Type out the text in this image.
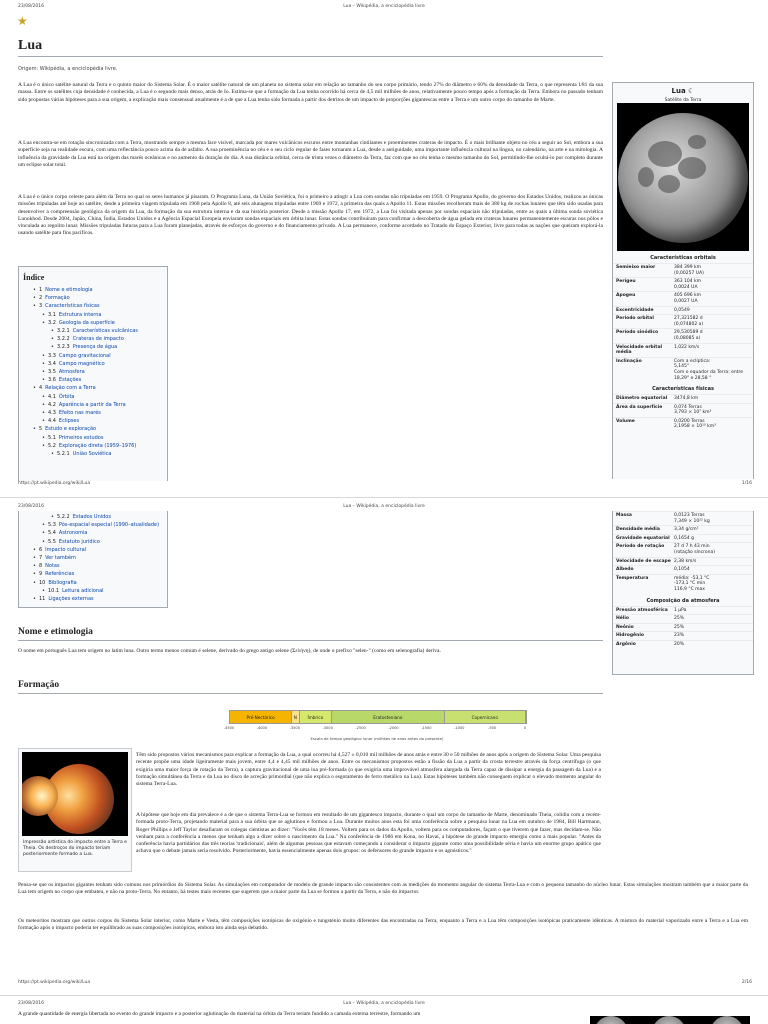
23/08/2016	Lua – Wikipédia, a enciclopédia livre
★
Lua
Origem: Wikipédia, a enciclopédia livre.
A Lua é o único satélite natural da Terra e o quinto maior do Sistema Solar. É o maior satélite natural de um planeta no sistema solar em relação ao tamanho do seu corpo primário, tendo 27% do diâmetro e 60% da densidade da Terra, o que representa 1⁄81 da sua massa. Entre os satélites cuja densidade é conhecida, a Lua é o segundo mais denso, atrás de Io. Estima-se que a formação da Lua tenha ocorrido há cerca de 4,5 mil milhões de anos, relativamente pouco tempo após a formação da Terra. Embora no passado tenham sido propostas várias hipóteses para a sua origem, a explicação mais consensual atualmente é a de que a Lua tenha sido formada a partir dos detritos de um impacto de proporções gigantescas entre a Terra e um outro corpo do tamanho de Marte.
A Lua encontra-se em rotação sincronizada com a Terra, mostrando sempre a mesma face visível, marcada por mares vulcânicos escuros entre montanhas cintilantes e proeminentes crateras de impacto. É o mais brilhante objeto no céu a seguir ao Sol, embora a sua superfície seja na realidade escura, com uma reflectância pouco acima da de asfalto. A sua proeminência no céu e o seu ciclo regular de fases tornaram a Lua, desde a antiguidade, uma importante influência cultural na língua, no calendário, na arte e na mitologia. A influência da gravidade da Lua está na origem das marés oceânicas e no aumento da duração do dia. A sua distância orbital, cerca de trinta vezes o diâmetro da Terra, faz com que no céu tenha o mesmo tamanho do Sol, permitindo-lhe ocultá-lo por completo durante um eclipse solar total.
A Lua é o único corpo celeste para além da Terra no qual os seres humanos já pisaram. O Programa Luna, da União Soviética, foi o primeiro a atingir a Lua com sondas não tripuladas em 1959. O Programa Apollo, do governo dos Estados Unidos, realizou as únicas missões tripuladas até hoje ao satélite, desde a primeira viagem tripulada em 1968 pela Apollo 8, até seis alunagens tripuladas entre 1969 e 1972, a primeira das quais a Apollo 11. Estas missões recolheram mais de 380 kg de rochas lunares que têm sido usadas para desenvolver a compreensão geológica da origem da Lua, da formação da sua estrutura interna e da sua história posterior. Desde a missão Apollo 17, em 1972, a Lua foi visitada apenas por sondas espaciais não tripuladas, entre as quais a última sonda soviética Lunokhod. Desde 2004, Japão, China, Índia, Estados Unidos e a Agência Espacial Europeia enviaram sondas espaciais em órbita lunar. Estas sondas contribuíram para confirmar a descoberta de água gelada em crateras lunares permanentemente escuras nos pólos e vinculada ao regolito lunar. Missões tripuladas futuras para a Lua foram planejadas, através de esforços do governo e do financiamento privado. A Lua permanece, conforme acordado no Tratado do Espaço Exterior, livre para todas as nações que queiram explorá-la usando satélite para fins pacíficos.
Índice
• 1 Nome e etimologia
• 2 Formação
• 3 Características físicas
• 3.1 Estrutura interna
• 3.2 Geologia da superfície
• 3.2.1 Características vulcânicas
• 3.2.2 Crateras de impacto
• 3.2.3 Presença de água
• 3.3 Campo gravitacional
• 3.4 Campo magnético
• 3.5 Atmosfera
• 3.6 Estações
• 4 Relação com a Terra
• 4.1 Órbita
• 4.2 Aparência a partir da Terra
• 4.3 Efeito nas marés
• 4.4 Eclipses
• 5 Estudo e exploração
• 5.1 Primeiros estudos
• 5.2 Exploração direta (1959–1976)
• 5.2.1 União Soviética
Lua ☾
Satélite da Terra
Características orbitais
Semieixo maior	384 399 km
(0,00257 UA)
Perigeu	363 104 km
0,0024 UA
Apogeu	405 696 km
0,0027 UA
Excentricidade	0,0549
Período orbital	27,321582 d
(0,074802 a)
Período sinódico	29,530589 d
(0,08085 a)
Velocidade orbital média
1,022 km/s
Inclinação	Com a eclíptica:
5,145°
Com o equador da Terra: entre 18,29° e 28,58 °
Características físicas
Diâmetro equatorial	3474,8 km
Área da superfície	0,074 Terras
3,793 × 10⁷ km²
Volume	0,0200 Terras
2,1958 × 10¹⁰ km³
https://pt.wikipedia.org/wiki/Lua	1/16
23/08/2016	Lua – Wikipédia, a enciclopédia livre
• 5.2.2 Estados Unidos
• 5.3 Pós-espacial especial (1990–atualidade)
• 5.4 Astronomia
• 5.5 Estatuto jurídico
• 6 Impacto cultural
• 7 Ver também
• 8 Notas
• 9 Referências
• 10 Bibliografia
• 10.1 Leitura adicional
• 11 Ligações externas
Massa	0,0123 Terras
7,349 × 10²² kg
Densidade média	3,34 g/cm³
Gravidade equatorial 0,1654 g
Período de rotação	27 d 7 h 43 min
(rotação síncrona)
Velocidade de escape 2,38 km/s
Albedo	0,1054
Temperatura	média: -53,1 °C
-173,1 °C min
116,9 °C max
Composição da atmosfera
Pressão atmosférica	1 µPa
Hélio	25%
Neônio	25%
Hidrogênio	23%
Argônio	20%
Nome e etimologia
O nome em português Lua tem origem no latim luna. Outro termo menos comum é selene, derivado do grego antigo selene (Σελήνη), de onde o prefixo "selen-" (como em selenografia) deriva.
Formação
Pré-Nectárico	N	Ímbrico	Eratosteniano	Copernicano
-4500	-4000	-3500	-3000	-2500	-2000	-1500	-1000	-500	0
Escala de tempo geológico lunar (milhões de anos antes do presente)
Impressão artística do impacto entre a Terra e Theia. Os destroços do impacto teriam posteriormente formado a Lua.
Têm sido propostos vários mecanismos para explicar a formação da Lua, a qual ocorreu há 4,527 ± 0,010 mil milhões de anos atrás e entre 30 e 50 milhões de anos após a origem do Sistema Solar. Uma pesquisa recente propõe uma idade ligeiramente mais jovem, entre 4,4 e 4,45 mil milhões de anos. Entre os mecanismos propostos estão a fissão da Lua a partir da crosta terrestre através da força centrífuga (o que exigiria uma maior força de rotação da Terra), a captura gravitacional de uma lua pré-formada (o que exigiria uma improvável atmosfera alargada da Terra capaz de dissipar a energia da passagem da Lua) e a formação simultânea da Terra e da Lua no disco de acreção primordial (que não explica o esgotamento de ferro metálico na Lua). Estas hipóteses também não conseguem explicar o elevado momento angular do sistema Terra-Lua.
A hipótese que hoje em dia prevalece é a de que o sistema Terra-Lua se formou em resultado de um gigantesco impacto, durante o qual um corpo do tamanho de Marte, denominado Theia, colidiu com a recém-formada proto-Terra, projetando material para a sua órbita que se aglutinou e formou a Lua. Durante muitos anos esta foi uma conferência sobre a pesquisa lunar na Lua em outubro de 1984, Bill Hartmann, Roger Phillips e Jeff Taylor desafiaram os colegas cientistas ao dizer: "Vocês têm 18 meses. Voltem para os dados da Apollo, voltem para os computadores, façam o que tiverem que fazer, mas decidam-se. Não venham para a conferência a menos que tenham algo a dizer sobre o nascimento da Lua." Na conferência de 1986 em Kona, no Havaí, a hipótese do grande impacto emergiu como a mais popular. "Antes da conferência havia partidários das três teorias 'tradicionais', além de algumas pessoas que estavam começando a considerar o impacto gigante como uma possibilidade séria e havia um enorme grupo apático que achava que o debate jamais seria resolvido. Posteriormente, havia essencialmente apenas dois grupos: os defensores do grande impacto e os agnósticos."
Pensa-se que os impactos gigantes tenham sido comuns nos primórdios do Sistema Solar. As simulações em computador de modelo de grande impacto são consistentes com as medições do momento angular do sistema Terra-Lua e com o pequeno tamanho do núcleo lunar. Estas simulações mostram também que a maior parte da Lua tem origem no corpo que embateu, e não na proto-Terra. No entanto, há testes mais recentes que sugerem que a maior parte da Lua se formou a partir da Terra, e não do impactor.
Os meteoritos mostram que outros corpos do Sistema Solar interior, como Marte e Vesta, têm composições isotópicas de oxigénio e tungsténio muito diferentes das encontradas na Terra, enquanto a Terra e a Lua têm composições isotópicas praticamente idênticas. A mistura do material vaporizado entre a Terra e a Lua em formação após o impacto poderia ter equilibrado as suas composições isotópicas, embora isto ainda seja debatido.
https://pt.wikipedia.org/wiki/Lua	2/16
23/08/2016	Lua – Wikipédia, a enciclopédia livre
A grande quantidade de energia libertada no evento do grande impacto e a posterior aglutinação do material na órbita da Terra teriam fundido a camada externa terrestre, formando um
